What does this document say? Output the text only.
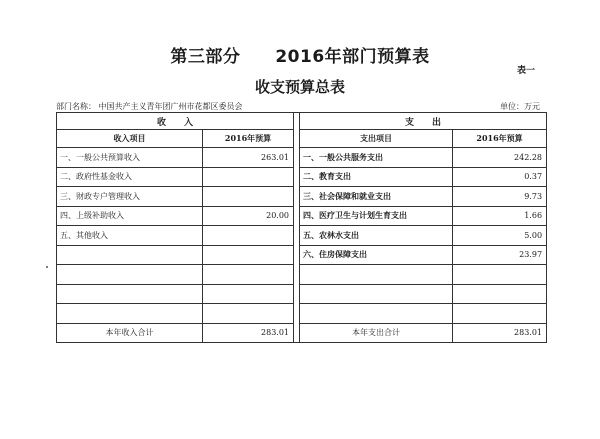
第三部分　　2016年部门预算表
表一
收支预算总表
部门名称： 中国共产主义青年团广州市花都区委员会	单位：万元
收　　入			支　　出	
收入项目	2016年预算		支出项目	2016年预算
一、一般公共预算收入	263.01		一、一般公共服务支出	242.28
二、政府性基金收入			二、教育支出	0.37
三、财政专户管理收入			三、社会保障和就业支出	9.73
四、上级补助收入	20.00		四、医疗卫生与计划生育支出	1.66
五、其他收入			五、农林水支出	5.00
			六、住房保障支出	23.97

本年收入合计	283.01		本年支出合计	283.01
